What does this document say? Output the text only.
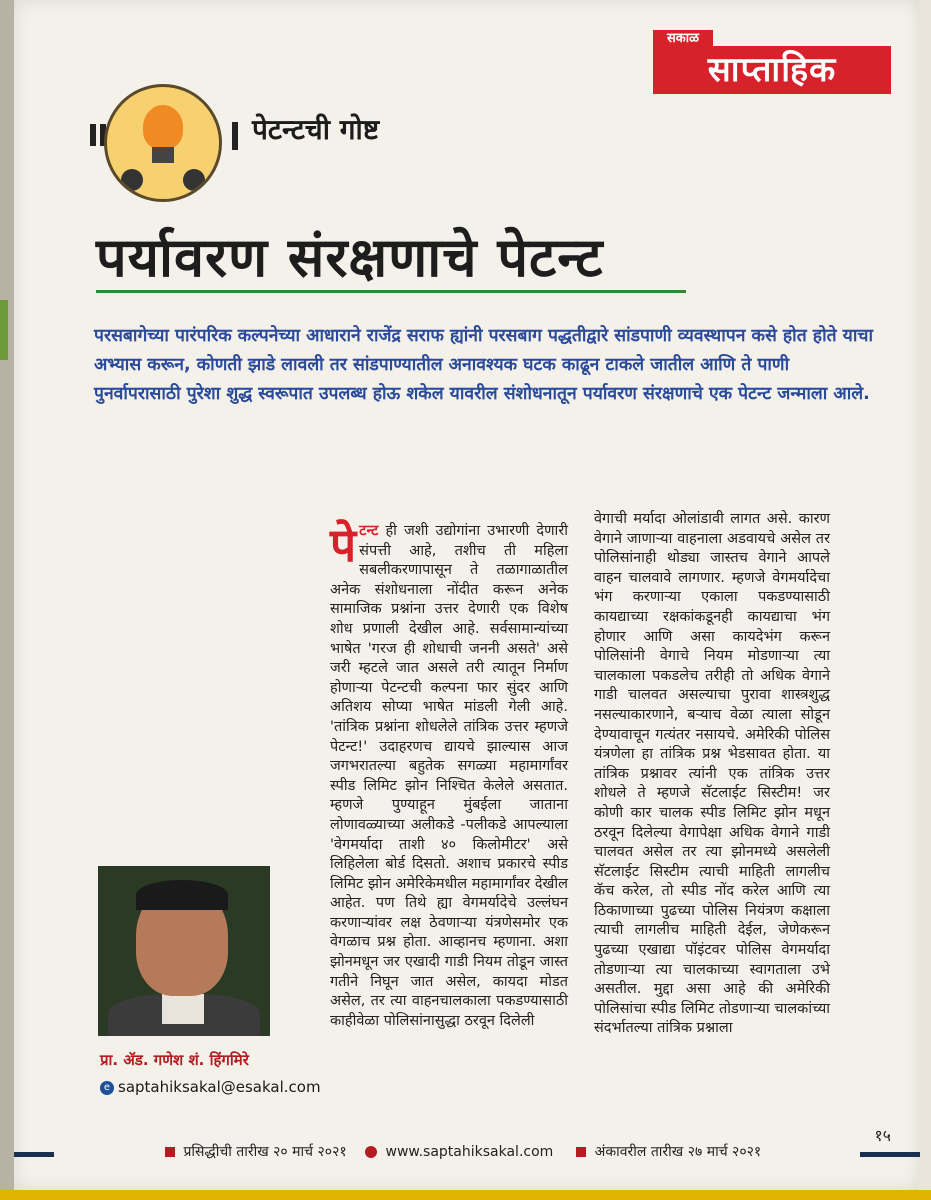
सकाळ
साप्ताहिक
पेटन्टची गोष्ट
पर्यावरण संरक्षणाचे पेटन्ट
परसबागेच्या पारंपरिक कल्पनेच्या आधाराने राजेंद्र सराफ ह्यांनी परसबाग पद्धतीद्वारे सांडपाणी व्यवस्थापन कसे होत होते याचा अभ्यास करून, कोणती झाडे लावली तर सांडपाण्यातील अनावश्यक घटक काढून टाकले जातील आणि ते पाणी पुनर्वापरासाठी पुरेशा शुद्ध स्वरूपात उपलब्ध होऊ शकेल यावरील संशोधनातून पर्यावरण संरक्षणाचे एक पेटन्ट जन्माला आले.
पेटन्ट ही जशी उद्योगांना उभारणी देणारी संपत्ती आहे, तशीच ती महिला सबलीकरणापासून ते तळागाळातील अनेक संशोधनाला नोंदीत करून अनेक सामाजिक प्रश्नांना उत्तर देणारी एक विशेष शोध प्रणाली देखील आहे. सर्वसामान्यांच्या भाषेत 'गरज ही शोधाची जननी असते' असे जरी म्हटले जात असले तरी त्यातून निर्माण होणाऱ्या पेटन्टची कल्पना फार सुंदर आणि अतिशय सोप्या भाषेत मांडली गेली आहे. 'तांत्रिक प्रश्नांना शोधलेले तांत्रिक उत्तर म्हणजे पेटन्ट!' उदाहरणच द्यायचे झाल्यास आज जगभरातल्या बहुतेक सगळ्या महामार्गांवर स्पीड लिमिट झोन निश्चित केलेले असतात. म्हणजे पुण्याहून मुंबईला जाताना लोणावळ्याच्या अलीकडे -पलीकडे आपल्याला 'वेगमर्यादा ताशी ४० किलोमीटर' असे लिहिलेला बोर्ड दिसतो. अशाच प्रकारचे स्पीड लिमिट झोन अमेरिकेमधील महामार्गांवर देखील आहेत. पण तिथे ह्या वेगमर्यादेचे उल्लंघन करणाऱ्यांवर लक्ष ठेवणाऱ्या यंत्रणेसमोर एक वेगळाच प्रश्न होता. आव्हानच म्हणाना. अशा झोनमधून जर एखादी गाडी नियम तोडून जास्त गतीने निघून जात असेल, कायदा मोडत असेल, तर त्या वाहनचालकाला पकडण्यासाठी काहीवेळा पोलिसांनासुद्धा ठरवून दिलेली
वेगाची मर्यादा ओलांडावी लागत असे. कारण वेगाने जाणाऱ्या वाहनाला अडवायचे असेल तर पोलिसांनाही थोड्या जास्तच वेगाने आपले वाहन चालवावे लागणार. म्हणजे वेगमर्यादेचा भंग करणाऱ्या एकाला पकडण्यासाठी कायद्याच्या रक्षकांकडूनही कायद्याचा भंग होणार आणि असा कायदेभंग करून पोलिसांनी वेगाचे नियम मोडणाऱ्या त्या चालकाला पकडलेच तरीही तो अधिक वेगाने गाडी चालवत असल्याचा पुरावा शास्त्रशुद्ध नसल्याकारणाने, बऱ्याच वेळा त्याला सोडून देण्यावाचून गत्यंतर नसायचे. अमेरिकी पोलिस यंत्रणेला हा तांत्रिक प्रश्न भेडसावत होता. या तांत्रिक प्रश्नावर त्यांनी एक तांत्रिक उत्तर शोधले ते म्हणजे सॅटलाईट सिस्टीम! जर कोणी कार चालक स्पीड लिमिट झोन मधून ठरवून दिलेल्या वेगापेक्षा अधिक वेगाने गाडी चालवत असेल तर त्या झोनमध्ये असलेली सॅटलाईट सिस्टीम त्याची माहिती लागलीच कॅच करेल, तो स्पीड नोंद करेल आणि त्या ठिकाणाच्या पुढच्या पोलिस नियंत्रण कक्षाला त्याची लागलीच माहिती देईल, जेणेकरून पुढच्या एखाद्या पॉइंटवर पोलिस वेगमर्यादा तोडणाऱ्या त्या चालकाच्या स्वागताला उभे असतील. मुद्दा असा आहे की अमेरिकी पोलिसांचा स्पीड लिमिट तोडणाऱ्या चालकांच्या संदर्भातल्या तांत्रिक प्रश्नाला
प्रा. ॲड. गणेश शं. हिंगमिरे
e saptahiksakal@esakal.com
प्रसिद्धीची तारीख २० मार्च २०२१	www.saptahiksakal.com	अंकावरील तारीख २७ मार्च २०२१
१५
